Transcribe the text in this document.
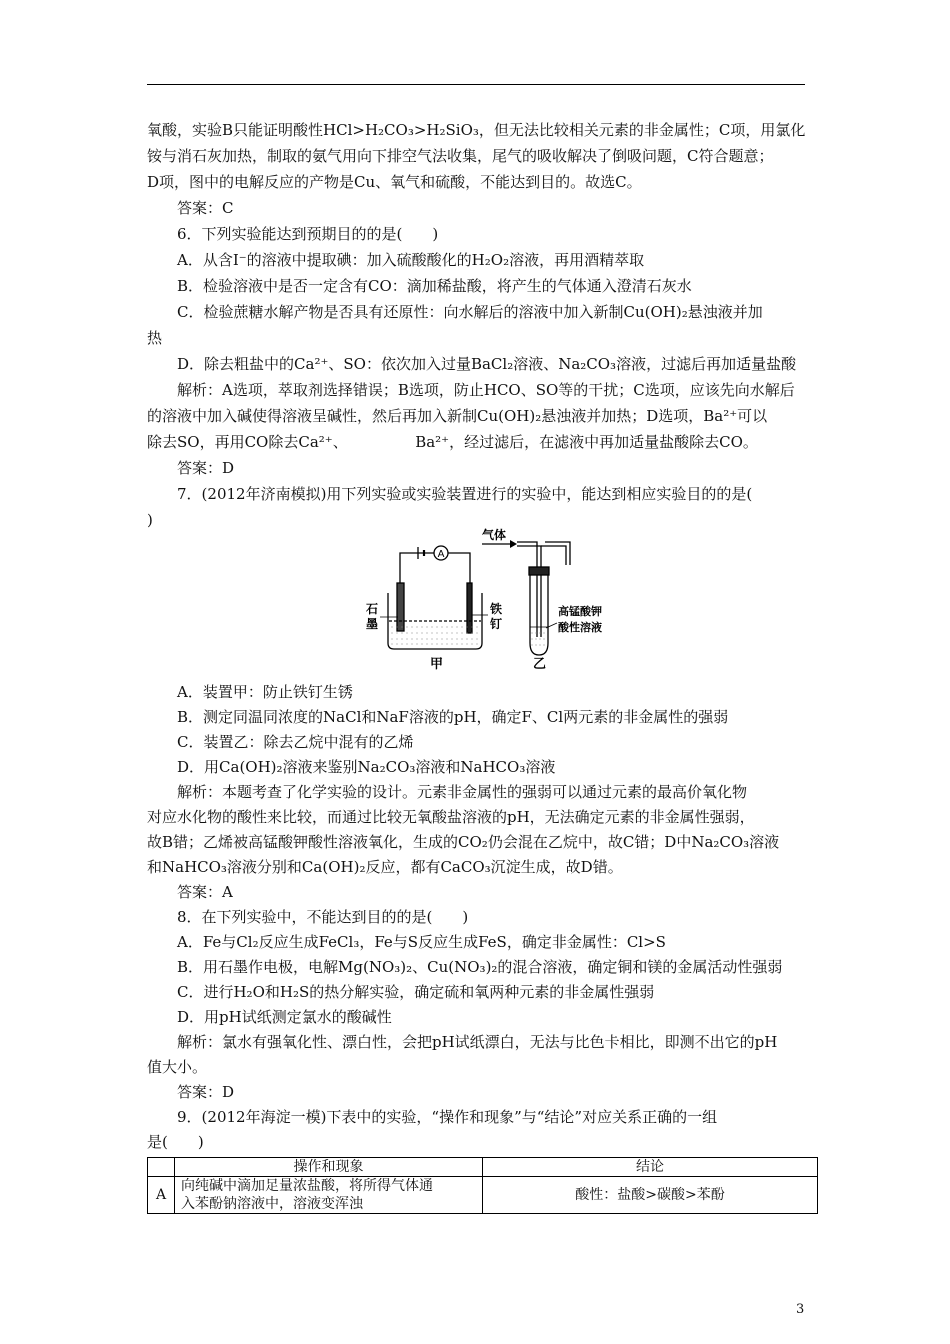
氧酸，实验B只能证明酸性HCl>H₂CO₃>H₂SiO₃，但无法比较相关元素的非金属性；C项，用氯化
铵与消石灰加热，制取的氨气用向下排空气法收集，尾气的吸收解决了倒吸问题，C符合题意；
D项，图中的电解反应的产物是Cu、氧气和硫酸，不能达到目的。故选C。
答案：C
6．下列实验能达到预期目的的是(　　)
A．从含I⁻的溶液中提取碘：加入硫酸酸化的H₂O₂溶液，再用酒精萃取
B．检验溶液中是否一定含有CO：滴加稀盐酸，将产生的气体通入澄清石灰水
C．检验蔗糖水解产物是否具有还原性：向水解后的溶液中加入新制Cu(OH)₂悬浊液并加
热
D．除去粗盐中的Ca²⁺、SO：依次加入过量BaCl₂溶液、Na₂CO₃溶液，过滤后再加适量盐酸
解析：A选项，萃取剂选择错误；B选项，防止HCO、SO等的干扰；C选项，应该先向水解后
的溶液中加入碱使得溶液呈碱性，然后再加入新制Cu(OH)₂悬浊液并加热；D选项，Ba²⁺可以
除去SO，再用CO除去Ca²⁺、　　　　　Ba²⁺，经过滤后，在滤液中再加适量盐酸除去CO。
答案：D
7．(2012年济南模拟)用下列实验或实验装置进行的实验中，能达到相应实验目的的是(
)
A
石
墨
铁
钉
甲
气体
高锰酸钾
酸性溶液
乙
A．装置甲：防止铁钉生锈
B．测定同温同浓度的NaCl和NaF溶液的pH，确定F、Cl两元素的非金属性的强弱
C．装置乙：除去乙烷中混有的乙烯
D．用Ca(OH)₂溶液来鉴别Na₂CO₃溶液和NaHCO₃溶液
解析：本题考查了化学实验的设计。元素非金属性的强弱可以通过元素的最高价氧化物
对应水化物的酸性来比较，而通过比较无氧酸盐溶液的pH，无法确定元素的非金属性强弱，
故B错；乙烯被高锰酸钾酸性溶液氧化，生成的CO₂仍会混在乙烷中，故C错；D中Na₂CO₃溶液
和NaHCO₃溶液分别和Ca(OH)₂反应，都有CaCO₃沉淀生成，故D错。
答案：A
8．在下列实验中，不能达到目的的是(　　)
A．Fe与Cl₂反应生成FeCl₃，Fe与S反应生成FeS，确定非金属性：Cl>S
B．用石墨作电极，电解Mg(NO₃)₂、Cu(NO₃)₂的混合溶液，确定铜和镁的金属活动性强弱
C．进行H₂O和H₂S的热分解实验，确定硫和氧两种元素的非金属性强弱
D．用pH试纸测定氯水的酸碱性
解析：氯水有强氧化性、漂白性，会把pH试纸漂白，无法与比色卡相比，即测不出它的pH
值大小。
答案：D
9．(2012年海淀一模)下表中的实验，“操作和现象”与“结论”对应关系正确的一组
是(　　)
	操作和现象	结论
A	向纯碱中滴加足量浓盐酸，将所得气体通
入苯酚钠溶液中，溶液变浑浊	酸性：盐酸>碳酸>苯酚
3
